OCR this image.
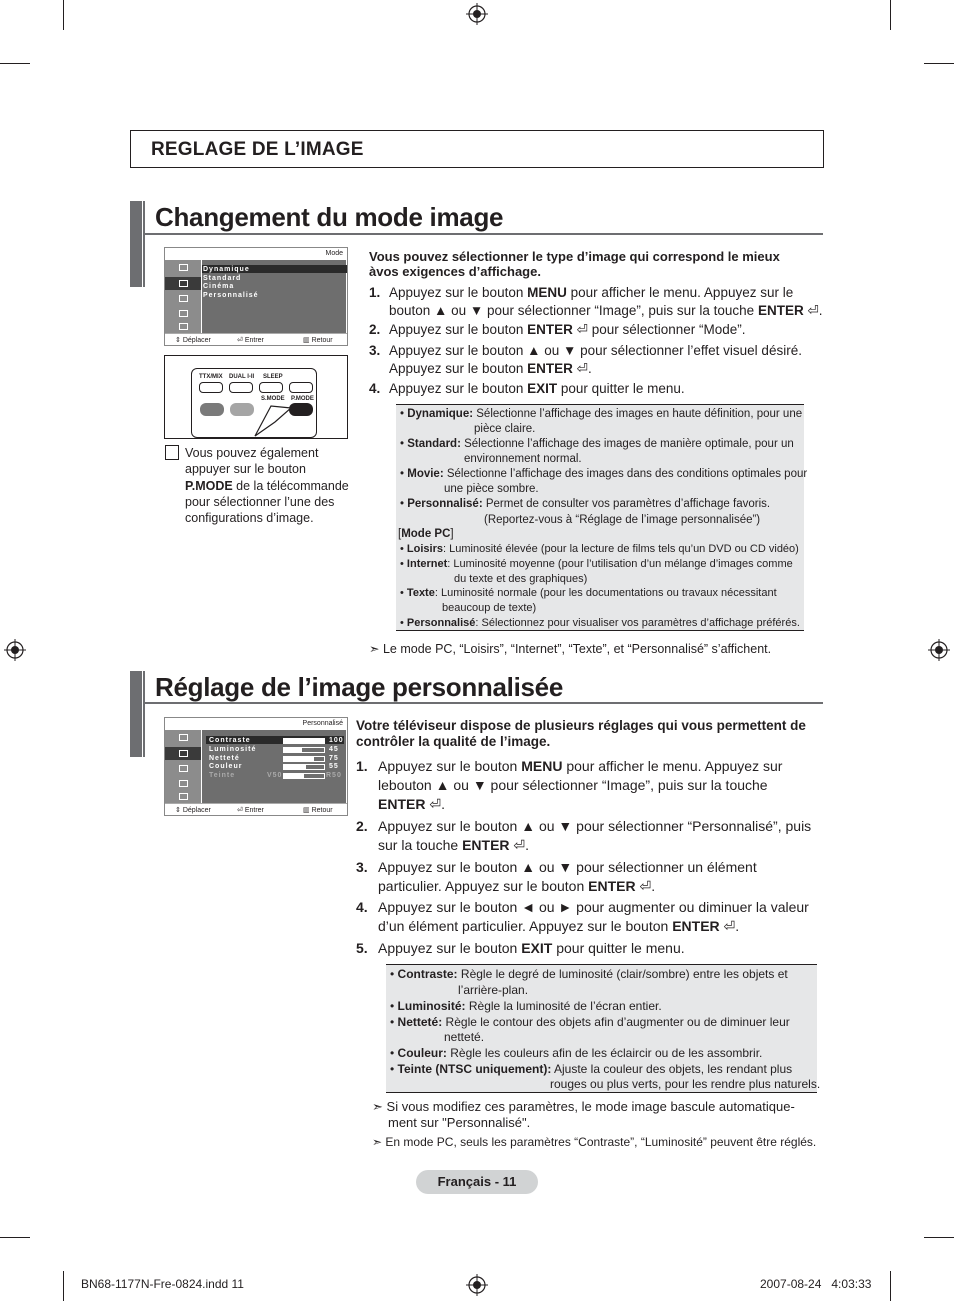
REGLAGE DE L’IMAGE
Changement du mode image
Mode
Dynamique
Standard
Cinéma
Personnalisé
⇕ Déplacer	⏎ Entrer	▥ Retour
TTX/MIX DUAL I-II SLEEP
S.MODE P.MODE
Vous pouvez également
appuyer sur le bouton
P.MODE de la télécommande
pour sélectionner l’une des
configurations d’image.
Vous pouvez sélectionner le type d’image qui correspond le mieux àvos exigences d’affichage.
1. Appuyez sur le bouton MENU pour afficher le menu. Appuyez sur le
bouton ▲ ou ▼ pour sélectionner “Image”, puis sur la touche ENTER ⏎.
2. Appuyez sur le bouton ENTER ⏎ pour sélectionner “Mode”.
3. Appuyez sur le bouton ▲ ou ▼ pour sélectionner l’effet visuel désiré.
Appuyez sur le bouton ENTER ⏎.
4. Appuyez sur le bouton EXIT pour quitter le menu.
• Dynamique: Sélectionne l’affichage des images en haute définition, pour une
pièce claire.
• Standard: Sélectionne l’affichage des images de manière optimale, pour un
environnement normal.
• Movie: Sélectionne l’affichage des images dans des conditions optimales pour
une pièce sombre.
• Personnalisé: Permet de consulter vos paramètres d’affichage favoris.
(Reportez-vous à “Réglage de l’image personnalisée”)
[Mode PC]
• Loisirs: Luminosité élevée (pour la lecture de films tels qu’un DVD ou CD vidéo)
• Internet: Luminosité moyenne (pour l’utilisation d’un mélange d’images comme
du texte et des graphiques)
• Texte: Luminosité normale (pour les documentations ou travaux nécessitant
beaucoup de texte)
• Personnalisé: Sélectionnez pour visualiser vos paramètres d’affichage préférés.
➣ Le mode PC, “Loisirs”, “Internet”, “Texte”, et “Personnalisé” s’affichent.
Réglage de l’image personnalisée
Personnalisé
Contraste	100
Luminosité	45
Netteté	75
Couleur	55
Teinte	V50	R50
⇕ Déplacer	⏎ Entrer	▥ Retour
Votre téléviseur dispose de plusieurs réglages qui vous permettent de contrôler la qualité de l’image.
1. Appuyez sur le bouton MENU pour afficher le menu. Appuyez sur
lebouton ▲ ou ▼ pour sélectionner “Image”, puis sur la touche
ENTER ⏎.
2. Appuyez sur le bouton ▲ ou ▼ pour sélectionner “Personnalisé”, puis
sur la touche ENTER ⏎.
3. Appuyez sur le bouton ▲ ou ▼ pour sélectionner un élément
particulier. Appuyez sur le bouton ENTER ⏎.
4. Appuyez sur le bouton ◄ ou ► pour augmenter ou diminuer la valeur
d’un élément particulier. Appuyez sur le bouton ENTER ⏎.
5. Appuyez sur le bouton EXIT pour quitter le menu.
• Contraste: Règle le degré de luminosité (clair/sombre) entre les objets et
l’arrière-plan.
• Luminosité: Règle la luminosité de l’écran entier.
• Netteté: Règle le contour des objets afin d’augmenter ou de diminuer leur
netteté.
• Couleur: Règle les couleurs afin de les éclaircir ou de les assombrir.
• Teinte (NTSC uniquement): Ajuste la couleur des objets, les rendant plus
rouges ou plus verts, pour les rendre plus naturels.
➣ Si vous modifiez ces paramètres, le mode image bascule automatique-
ment sur "Personnalisé".
➣ En mode PC, seuls les paramètres “Contraste”, “Luminosité” peuvent être réglés.
Français - 11
BN68-1177N-Fre-0824.indd 11	2007-08-24   4:03:33
